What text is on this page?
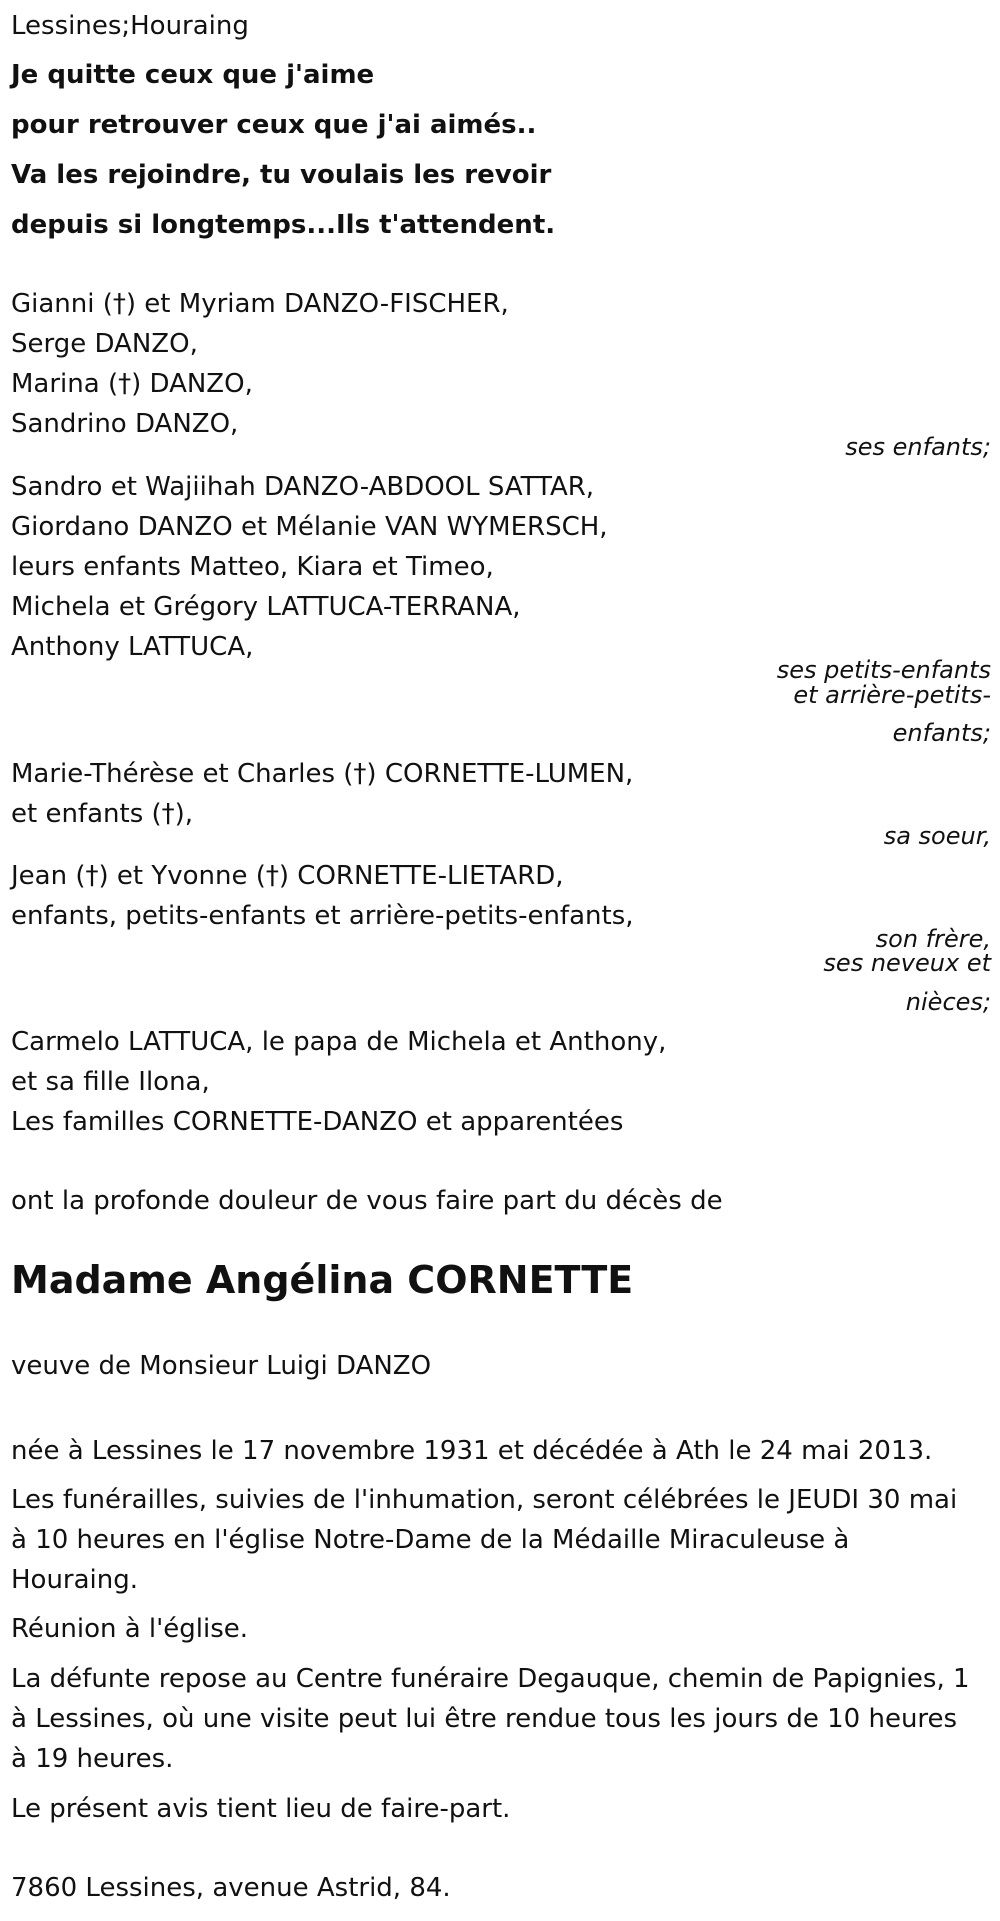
Lessines;Houraing
Je quitte ceux que j'aime
pour retrouver ceux que j'ai aimés..
Va les rejoindre, tu voulais les revoir
depuis si longtemps...Ils t'attendent.
Gianni (†) et Myriam DANZO-FISCHER,
Serge DANZO,
Marina (†) DANZO,
Sandrino DANZO,
ses enfants;
Sandro et Wajiihah DANZO-ABDOOL SATTAR,
Giordano DANZO et Mélanie VAN WYMERSCH,
leurs enfants Matteo, Kiara et Timeo,
Michela et Grégory LATTUCA-TERRANA,
Anthony LATTUCA,
ses petits-enfants
et arrière-petits-
enfants;
Marie-Thérèse et Charles (†) CORNETTE-LUMEN,
et enfants (†),
sa soeur,
Jean (†) et Yvonne (†) CORNETTE-LIETARD,
enfants, petits-enfants et arrière-petits-enfants,
son frère,
ses neveux et
nièces;
Carmelo LATTUCA, le papa de Michela et Anthony,
et sa fille Ilona,
Les familles CORNETTE-DANZO et apparentées
ont la profonde douleur de vous faire part du décès de
Madame Angélina CORNETTE
veuve de Monsieur Luigi DANZO
née à Lessines le 17 novembre 1931 et décédée à Ath le 24 mai 2013.
Les funérailles, suivies de l'inhumation, seront célébrées le JEUDI 30 mai
à 10 heures en l'église Notre-Dame de la Médaille Miraculeuse à
Houraing.
Réunion à l'église.
La défunte repose au Centre funéraire Degauque, chemin de Papignies, 1
à Lessines, où une visite peut lui être rendue tous les jours de 10 heures
à 19 heures.
Le présent avis tient lieu de faire-part.
7860 Lessines, avenue Astrid, 84.
